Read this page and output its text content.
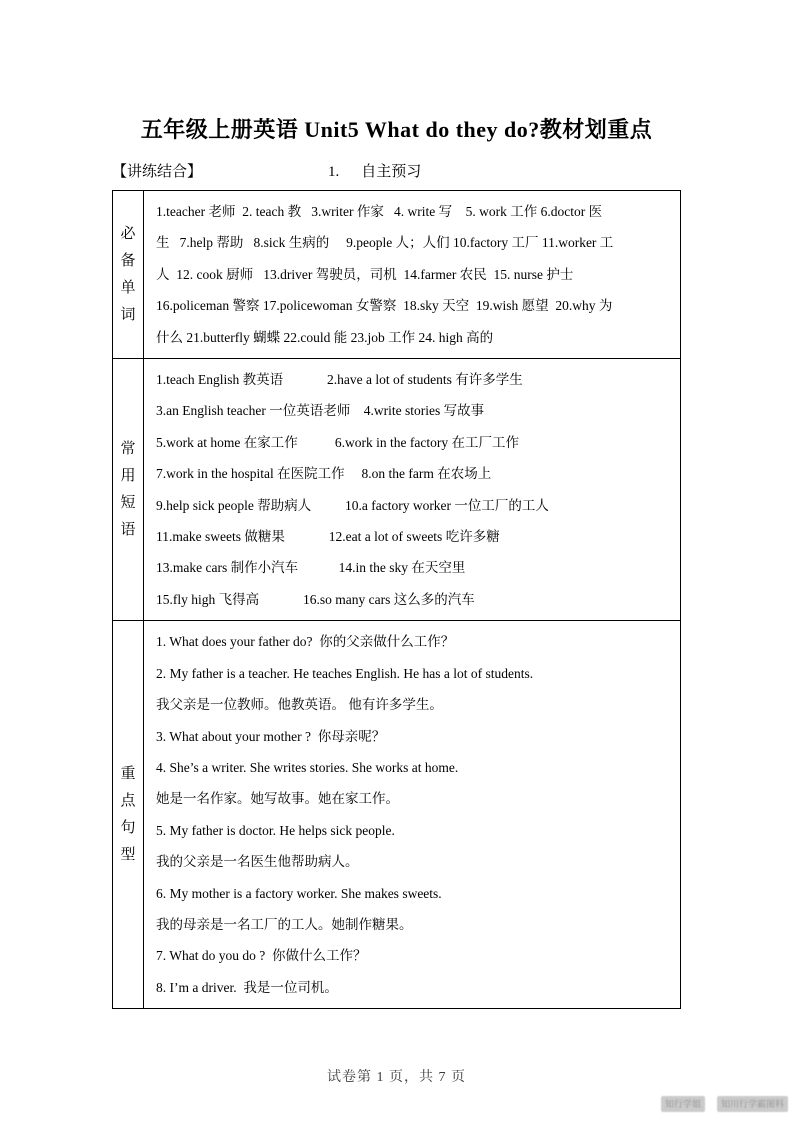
五年级上册英语 Unit5 What do they do?教材划重点
【讲练结合】	1. 自主预习
必
备
单
词

1.teacher 老师  2. teach 教   3.writer 作家   4. write 写    5. work 工作 6.doctor 医
生   7.help 帮助   8.sick 生病的     9.people 人；人们 10.factory 工厂 11.worker 工
人  12. cook 厨师   13.driver 驾驶员，司机  14.farmer 农民  15. nurse 护士
16.policeman 警察 17.policewoman 女警察  18.sky 天空  19.wish 愿望  20.why 为
什么 21.butterfly 蝴蝶 22.could 能 23.job 工作 24. high 高的

常
用
短
语

1.teach English 教英语             2.have a lot of students 有许多学生
3.an English teacher 一位英语老师    4.write stories 写故事
5.work at home 在家工作           6.work in the factory 在工厂工作
7.work in the hospital 在医院工作     8.on the farm 在农场上
9.help sick people 帮助病人          10.a factory worker 一位工厂的工人
11.make sweets 做糖果             12.eat a lot of sweets 吃许多糖
13.make cars 制作小汽车            14.in the sky 在天空里
15.fly high 飞得高             16.so many cars 这么多的汽车

重
点
句
型

1. What does your father do?  你的父亲做什么工作？
2. My father is a teacher. He teaches English. He has a lot of students.
我父亲是一位教师。他教英语。 他有许多学生。
3. What about your mother ?  你母亲呢？
4. She’s a writer. She writes stories. She works at home.
她是一名作家。她写故事。她在家工作。
5. My father is doctor. He helps sick people.
我的父亲是一名医生他帮助病人。
6. My mother is a factory worker. She makes sweets.
我的母亲是一名工厂的工人。她制作糖果。
7. What do you do ?  你做什么工作？
8. I’m a driver.  我是一位司机。
试卷第 1 页，共 7 页
知行学姐	知川行学霸图料
